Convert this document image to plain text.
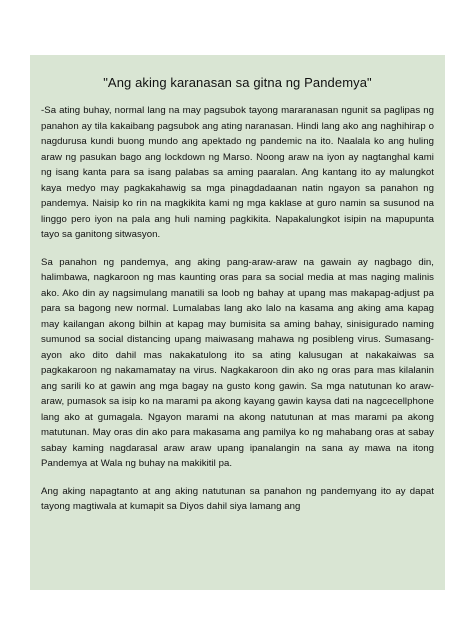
"Ang aking karanasan sa gitna ng Pandemya"

-Sa ating buhay, normal lang na may pagsubok tayong mararanasan ngunit sa paglipas ng panahon ay tila kakaibang pagsubok ang ating naranasan. Hindi lang ako ang naghihirap o nagdurusa kundi buong mundo ang apektado ng pandemic na ito. Naalala ko ang huling araw ng pasukan bago ang lockdown ng Marso. Noong araw na iyon ay nagtanghal kami ng isang kanta para sa isang palabas sa aming paaralan. Ang kantang ito ay malungkot kaya medyo may pagkakahawig sa mga pinagdadaanan natin ngayon sa panahon ng pandemya. Naisip ko rin na magkikita kami ng mga kaklase at guro namin sa susunod na linggo pero iyon na pala ang huli naming pagkikita. Napakalungkot isipin na mapupunta tayo sa ganitong sitwasyon.

Sa panahon ng pandemya, ang aking pang-araw-araw na gawain ay nagbago din, halimbawa, nagkaroon ng mas kaunting oras para sa social media at mas naging malinis ako. Ako din ay nagsimulang manatili sa loob ng bahay at upang mas makapag-adjust pa para sa bagong new normal. Lumalabas lang ako lalo na kasama ang aking ama kapag may kailangan akong bilhin at kapag may bumisita sa aming bahay, sinisigurado naming sumunod sa social distancing upang maiwasang mahawa ng posibleng virus. Sumasang-ayon ako dito dahil mas nakakatulong ito sa ating kalusugan at nakakaiwas sa pagkakaroon ng nakamamatay na virus. Nagkakaroon din ako ng oras para mas kilalanin ang sarili ko at gawin ang mga bagay na gusto kong gawin. Sa mga natutunan ko araw-araw, pumasok sa isip ko na marami pa akong kayang gawin kaysa dati na nagcecellphone lang ako at gumagala. Ngayon marami na akong natutunan at mas marami pa akong matutunan. May oras din ako para makasama ang pamilya ko ng mahabang oras at sabay sabay kaming nagdarasal araw araw upang ipanalangin na sana ay mawa na itong Pandemya at Wala ng buhay na makikitil pa.

Ang aking napagtanto at ang aking natutunan sa panahon ng pandemyang ito ay dapat tayong magtiwala at kumapit sa Diyos dahil siya lamang ang
